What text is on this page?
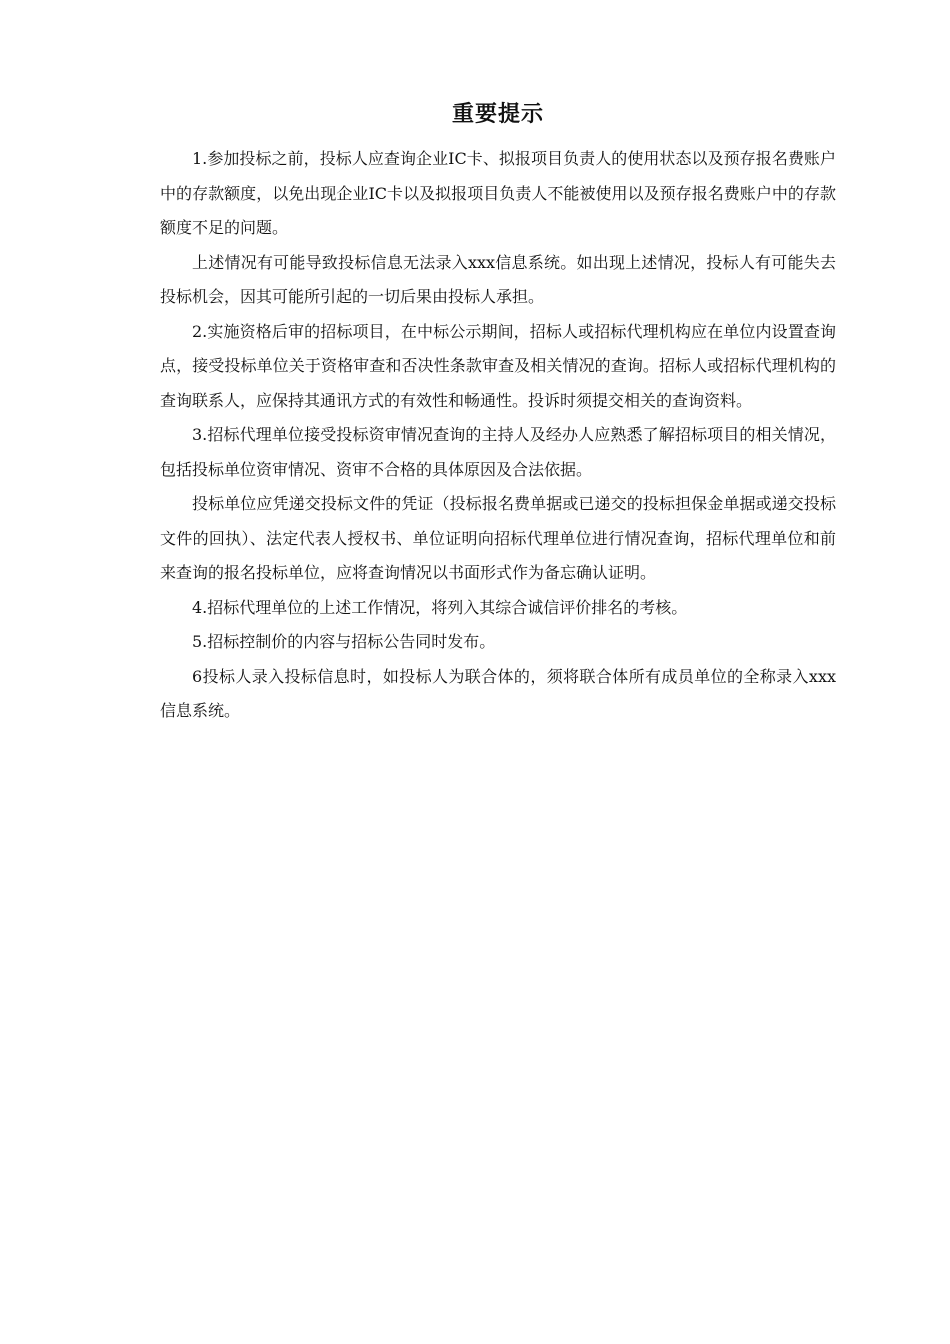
重要提示

1.参加投标之前，投标人应查询企业IC卡、拟报项目负责人的使用状态以及预存报名费账户中的存款额度，以免出现企业IC卡以及拟报项目负责人不能被使用以及预存报名费账户中的存款额度不足的问题。

上述情况有可能导致投标信息无法录入xxx信息系统。如出现上述情况，投标人有可能失去投标机会，因其可能所引起的一切后果由投标人承担。

2.实施资格后审的招标项目，在中标公示期间，招标人或招标代理机构应在单位内设置查询点，接受投标单位关于资格审查和否决性条款审查及相关情况的查询。招标人或招标代理机构的查询联系人，应保持其通讯方式的有效性和畅通性。投诉时须提交相关的查询资料。

3.招标代理单位接受投标资审情况查询的主持人及经办人应熟悉了解招标项目的相关情况，包括投标单位资审情况、资审不合格的具体原因及合法依据。

投标单位应凭递交投标文件的凭证（投标报名费单据或已递交的投标担保金单据或递交投标文件的回执）、法定代表人授权书、单位证明向招标代理单位进行情况查询，招标代理单位和前来查询的报名投标单位，应将查询情况以书面形式作为备忘确认证明。

4.招标代理单位的上述工作情况，将列入其综合诚信评价排名的考核。

5.招标控制价的内容与招标公告同时发布。

6投标人录入投标信息时，如投标人为联合体的，须将联合体所有成员单位的全称录入xxx信息系统。
